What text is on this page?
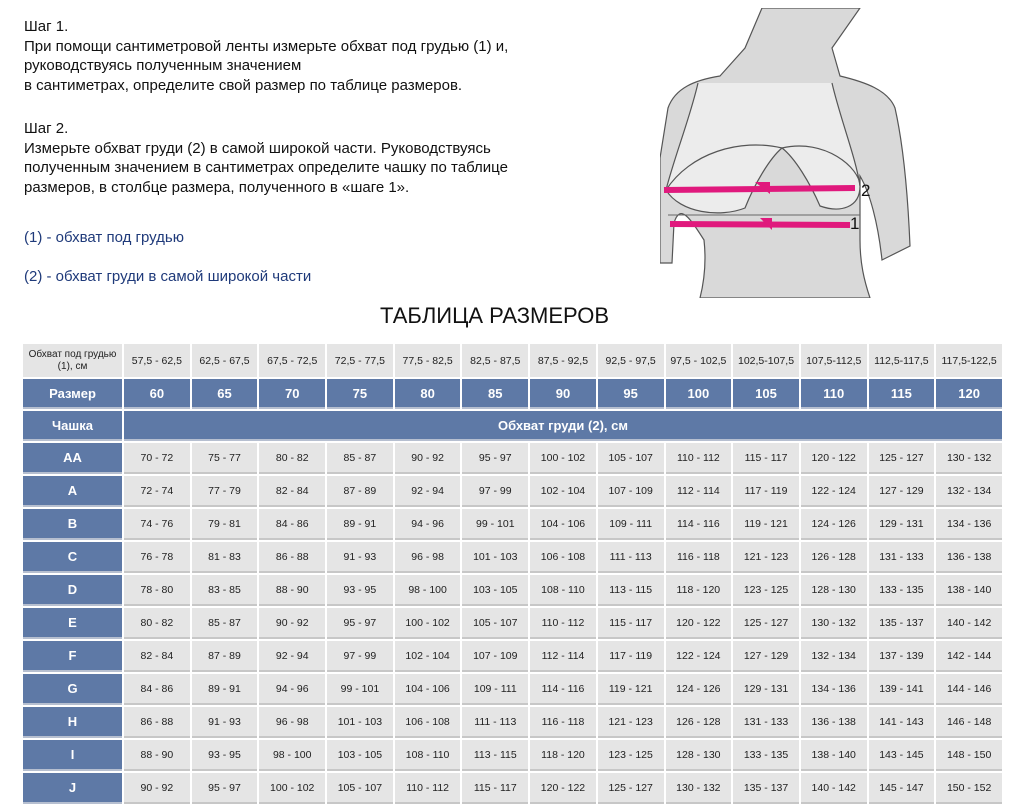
Шаг 1.

При помощи сантиметровой ленты измерьте обхват под грудью (1) и,

руководствуясь полученным значением

в сантиметрах, определите свой размер по таблице размеров.

Шаг 2.

Измерьте обхват груди (2) в самой широкой части. Руководствуясь

полученным значением в сантиметрах определите чашку по таблице

размеров, в столбце размера, полученного в «шаге 1».

(1) - обхват под грудью
(2) - обхват груди в самой широкой части
2
1
ТАБЛИЦА РАЗМЕРОВ
Обхват под грудью (1), см	57,5 - 62,5	62,5 - 67,5	67,5 - 72,5	72,5 - 77,5	77,5 - 82,5	82,5 - 87,5	87,5 - 92,5	92,5 - 97,5	97,5 - 102,5	102,5-107,5	107,5-112,5	112,5-117,5	117,5-122,5
Размер	60	65	70	75	80	85	90	95	100	105	110	115	120
Чашка	Обхват груди (2), см												
AA	70 - 72	75 - 77	80 - 82	85 - 87	90 - 92	95 - 97	100 - 102	105 - 107	110 - 112	115 - 117	120 - 122	125 - 127	130 - 132
A	72 - 74	77 - 79	82 - 84	87 - 89	92 - 94	97 - 99	102 - 104	107 - 109	112 - 114	117 - 119	122 - 124	127 - 129	132 - 134
B	74 - 76	79 - 81	84 - 86	89 - 91	94 - 96	99 - 101	104 - 106	109 - 111	114 - 116	119 - 121	124 - 126	129 - 131	134 - 136
C	76 - 78	81 - 83	86 - 88	91 - 93	96 - 98	101 - 103	106 - 108	111 - 113	116 - 118	121 - 123	126 - 128	131 - 133	136 - 138
D	78 - 80	83 - 85	88 - 90	93 - 95	98 - 100	103 - 105	108 - 110	113 - 115	118 - 120	123 - 125	128 - 130	133 - 135	138 - 140
E	80 - 82	85 - 87	90 - 92	95 - 97	100 - 102	105 - 107	110 - 112	115 - 117	120 - 122	125 - 127	130 - 132	135 - 137	140 - 142
F	82 - 84	87 - 89	92 - 94	97 - 99	102 - 104	107 - 109	112 - 114	117 - 119	122 - 124	127 - 129	132 - 134	137 - 139	142 - 144
G	84 - 86	89 - 91	94 - 96	99 - 101	104 - 106	109 - 111	114 - 116	119 - 121	124 - 126	129 - 131	134 - 136	139 - 141	144 - 146
H	86 - 88	91 - 93	96 - 98	101 - 103	106 - 108	111 - 113	116 - 118	121 - 123	126 - 128	131 - 133	136 - 138	141 - 143	146 - 148
I	88 - 90	93 - 95	98 - 100	103 - 105	108 - 110	113 - 115	118 - 120	123 - 125	128 - 130	133 - 135	138 - 140	143 - 145	148 - 150
J	90 - 92	95 - 97	100 - 102	105 - 107	110 - 112	115 - 117	120 - 122	125 - 127	130 - 132	135 - 137	140 - 142	145 - 147	150 - 152
